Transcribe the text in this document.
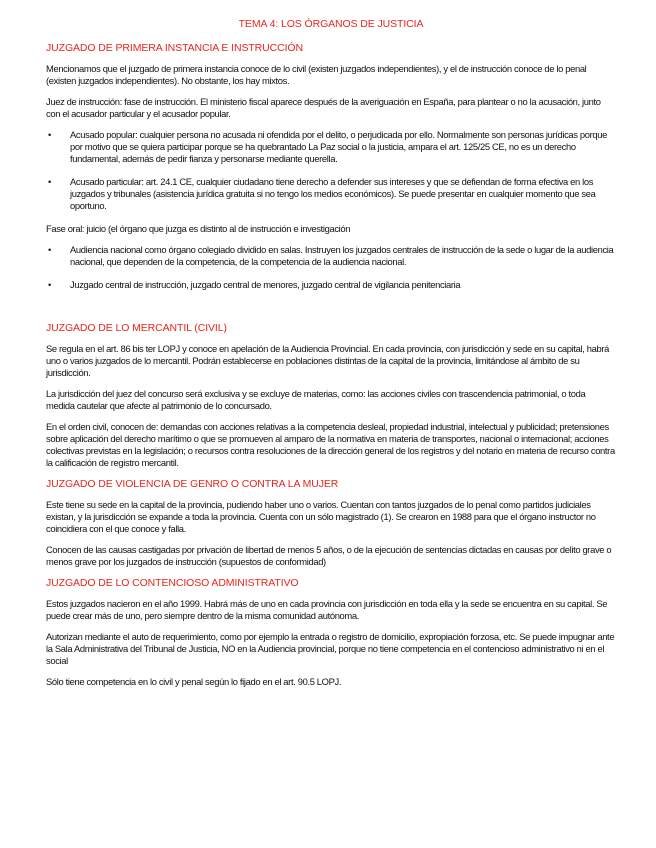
TEMA 4: LOS ÓRGANOS DE JUSTICIA
JUZGADO DE PRIMERA INSTANCIA E INSTRUCCIÓN

Mencionamos que el juzgado de primera instancia conoce de lo civil (existen juzgados independientes), y el de instrucción conoce de lo penal (existen juzgados independientes). No obstante, los hay mixtos.

Juez de instrucción: fase de instrucción. El ministerio fiscal aparece después de la averiguación en España, para plantear o no la acusación, junto con el acusador particular y el acusador popular.

• Acusado popular: cualquier persona no acusada ni ofendida por el delito, o perjudicada por ello. Normalmente son personas jurídicas porque por motivo que se quiera participar porque se ha quebrantado La Paz social o la justicia, ampara el art. 125/25 CE, no es un derecho fundamental, además de pedir fianza y personarse mediante querella.
• Acusado particular: art. 24.1 CE, cualquier ciudadano tiene derecho a defender sus intereses y que se defiendan de forma efectiva en los juzgados y tribunales (asistencia jurídica gratuita si no tengo los medios económicos). Se puede presentar en cualquier momento que sea oportuno.

Fase oral: juicio (el órgano que juzga es distinto al de instrucción e investigación

• Audiencia nacional como órgano colegiado dividido en salas. Instruyen los juzgados centrales de instrucción de la sede o lugar de la audiencia nacional, que dependen de la competencia, de la competencia de la audiencia nacional.
• Juzgado central de instrucción, juzgado central de menores, juzgado central de vigilancia penitenciaria
JUZGADO DE LO MERCANTIL (CIVIL)

Se regula en el art. 86 bis ter LOPJ y conoce en apelación de la Audiencia Provincial. En cada provincia, con jurisdicción y sede en su capital, habrá uno o varios juzgados de lo mercantil. Podrán establecerse en poblaciones distintas de la capital de la provincia, limitándose al ámbito de su jurisdicción.

La jurisdicción del juez del concurso será exclusiva y se excluye de materias, como: las acciones civiles con trascendencia patrimonial, o toda medida cautelar que afecte al patrimonio de lo concursado.

En el orden civil, conocen de: demandas con acciones relativas a la competencia desleal, propiedad industrial, intelectual y publicidad; pretensiones sobre aplicación del derecho marítimo o que se promueven al amparo de la normativa en materia de transportes, nacional o internacional; acciones colectivas previstas en la legislación; o recursos contra resoluciones de la dirección general de los registros y del notario en materia de recurso contra la calificación de registro mercantil.

JUZGADO DE VIOLENCIA DE GENRO O CONTRA LA MUJER

Este tiene su sede en la capital de la provincia, pudiendo haber uno o varios. Cuentan con tantos juzgados de lo penal como partidos judiciales existan, y la jurisdicción se expande a toda la provincia. Cuenta con un sólo magistrado (1). Se crearon en 1988 para que el órgano instructor no coincidiera con el que conoce y falla.

Conocen de las causas castigadas por privación de libertad de menos 5 años, o de la ejecución de sentencias dictadas en causas por delito grave o menos grave por los juzgados de instrucción (supuestos de conformidad)

JUZGADO DE LO CONTENCIOSO ADMINISTRATIVO

Estos juzgados nacieron en el año 1999. Habrá más de uno en cada provincia con jurisdicción en toda ella y la sede se encuentra en su capital. Se puede crear más de uno, pero siempre dentro de la misma comunidad autónoma.

Autorizan mediante el auto de requerimiento, como por ejemplo la entrada o registro de domicilio, expropiación forzosa, etc. Se puede impugnar ante la Sala Administrativa del Tribunal de Justicia, NO en la Audiencia provincial, porque no tiene competencia en el contencioso administrativo ni en el social

Sólo tiene competencia en lo civil y penal según lo fijado en el art. 90.5 LOPJ.
